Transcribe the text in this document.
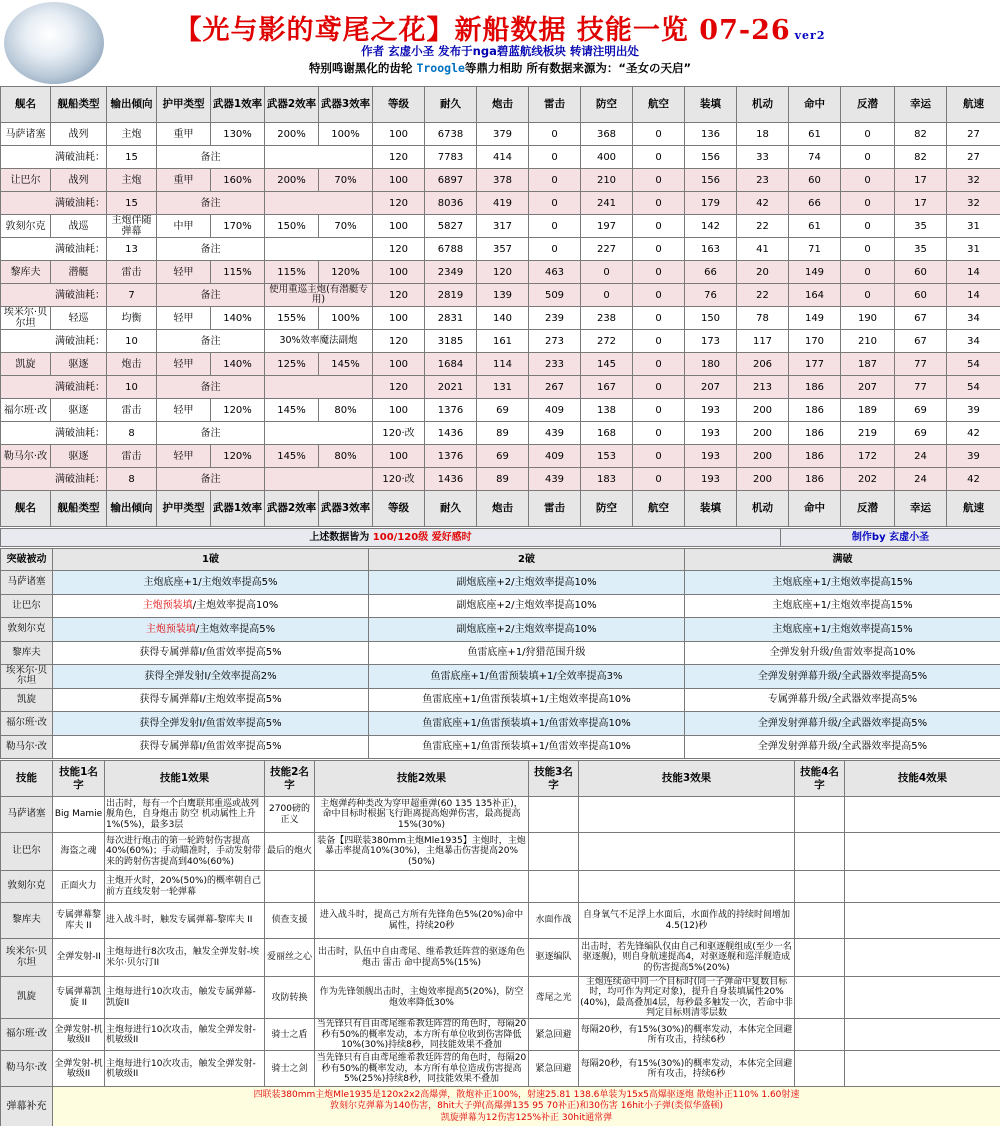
【光与影的鸢尾之花】新船数据 技能一览 07-26 ver2
作者 玄虚小圣 发布于nga碧蓝航线板块 转请注明出处
特别鸣谢黑化的齿轮 Troogle等鼎力相助 所有数据来源为：“圣女の天启”
舰名	舰船类型	输出倾向	护甲类型	武器1效率	武器2效率	武器3效率	等级	耐久	炮击	雷击	防空	航空	装填	机动	命中	反潜	幸运	航速
马萨诸塞	战列	主炮	重甲	130%	200%	100%	100	6738	379	0	368	0	136	18	61	0	82	27
满破油耗：		15	备注				120	7783	414	0	400	0	156	33	74	0	82	27
让巴尔	战列	主炮	重甲	160%	200%	70%	100	6897	378	0	210	0	156	23	60	0	17	32
满破油耗：		15	备注				120	8036	419	0	241	0	179	42	66	0	17	32
敦刻尔克	战巡	主炮伴随弹幕	中甲	170%	150%	70%	100	5827	317	0	197	0	142	22	61	0	35	31
满破油耗：		13	备注				120	6788	357	0	227	0	163	41	71	0	35	31
黎库夫	潜艇	雷击	轻甲	115%	115%	120%	100	2349	120	463	0	0	66	20	149	0	60	14
满破油耗：		7	备注		使用重巡主炮(有潜艇专用)		120	2819	139	509	0	0	76	22	164	0	60	14
埃米尔·贝尔坦	轻巡	均衡	轻甲	140%	155%	100%	100	2831	140	239	238	0	150	78	149	190	67	34
满破油耗：		10	备注		30%效率魔法副炮		120	3185	161	273	272	0	173	117	170	210	67	34
凯旋	驱逐	炮击	轻甲	140%	125%	145%	100	1684	114	233	145	0	180	206	177	187	77	54
满破油耗：		10	备注				120	2021	131	267	167	0	207	213	186	207	77	54
福尔班·改	驱逐	雷击	轻甲	120%	145%	80%	100	1376	69	409	138	0	193	200	186	189	69	39
满破油耗：		8	备注				120·改	1436	89	439	168	0	193	200	186	219	69	42
勒马尔·改	驱逐	雷击	轻甲	120%	145%	80%	100	1376	69	409	153	0	193	200	186	172	24	39
满破油耗：		8	备注				120·改	1436	89	439	183	0	193	200	186	202	24	42
舰名	舰船类型	输出倾向	护甲类型	武器1效率	武器2效率	武器3效率	等级	耐久	炮击	雷击	防空	航空	装填	机动	命中	反潜	幸运	航速
上述数据皆为 100/120级 爱好感时	制作by 玄虚小圣
突破被动	1破	2破	满破
马萨诸塞	主炮底座+1/主炮效率提高5%	副炮底座+2/主炮效率提高10%	主炮底座+1/主炮效率提高15%
让巴尔	主炮预装填/主炮效率提高10%	副炮底座+2/主炮效率提高10%	主炮底座+1/主炮效率提高15%
敦刻尔克	主炮预装填/主炮效率提高5%	副炮底座+2/主炮效率提高10%	主炮底座+1/主炮效率提高15%
黎库夫	获得专属弹幕I/鱼雷效率提高5%	鱼雷底座+1/狩猎范围升级	全弹发射升级/鱼雷效率提高10%
埃米尔·贝尔坦	获得全弹发射I/全效率提高2%	鱼雷底座+1/鱼雷预装填+1/全效率提高3%	全弹发射弹幕升级/全武器效率提高5%
凯旋	获得专属弹幕I/主炮效率提高5%	鱼雷底座+1/鱼雷预装填+1/主炮效率提高10%	专属弹幕升级/全武器效率提高5%
福尔班·改	获得全弹发射I/鱼雷效率提高5%	鱼雷底座+1/鱼雷预装填+1/鱼雷效率提高10%	全弹发射弹幕升级/全武器效率提高5%
勒马尔·改	获得专属弹幕I/鱼雷效率提高5%	鱼雷底座+1/鱼雷预装填+1/鱼雷效率提高10%	全弹发射弹幕升级/全武器效率提高5%
技能	技能1名字	技能1效果	技能2名字	技能2效果	技能3名字	技能3效果	技能4名字	技能4效果
马萨诸塞	Big Mamie	出击时，每有一个白鹰联邦重巡或战列舰角色，自身炮击 防空 机动属性上升1%(5%)，最多3层	2700磅的正义	主炮弹药种类改为穿甲超重弹(60 135 135补正)，命中目标时根据飞行距离提高炮弹伤害，最高提高15%(30%)				
让巴尔	海盗之魂	每次进行炮击的第一轮跨射伤害提高40%(60%)；手动瞄准时，手动发射带来的跨射伤害提高到40%(60%)	最后的炮火	装备【四联装380mm主炮Mle1935】主炮时，主炮暴击率提高10%(30%)，主炮暴击伤害提高20%(50%)				
敦刻尔克	正面火力	主炮开火时，20%(50%)的概率朝自己前方直线发射一轮弹幕						
黎库夫	专属弹幕黎库夫 II	进入战斗时，触发专属弹幕-黎库夫 II	侦查支援	进入战斗时，提高己方所有先锋角色5%(20%)命中属性，持续20秒	水面作战	自身氧气不足浮上水面后，水面作战的持续时间增加4.5(12)秒		
埃米尔·贝尔坦	全弹发射-II	主炮每进行8次攻击，触发全弹发射-埃米尔·贝尔汀II	爱丽丝之心	出击时，队伍中自由鸢尾、维希教廷阵营的驱逐角色炮击 雷击 命中提高5%(15%)	驱逐编队	出击时，若先锋编队仅由自己和驱逐舰组成(至少一名驱逐舰)，则自身航速提高4，对驱逐舰和巡洋舰造成的伤害提高5%(20%)		
凯旋	专属弹幕凯旋 II	主炮每进行10次攻击，触发专属弹幕-凯旋II	攻防转换	作为先锋领舰出击时，主炮效率提高5(20%)，防空炮效率降低30%	鸢尾之光	主炮连续命中同一个目标时(同一子弹命中复数目标时，均可作为判定对象)，提升自身装填属性20%(40%)，最高叠加4层，每秒最多触发一次，若命中非判定目标则清零层数		
福尔班·改	全弹发射-机敏级II	主炮每进行10次攻击，触发全弹发射-机敏级II	骑士之盾	当先锋只有自由鸢尾维希教廷阵营的角色时，每隔20秒有50%的概率发动，本方所有单位收到伤害降低10%(30%)持续8秒，同技能效果不叠加	紧急回避	每隔20秒，有15%(30%)的概率发动，本体完全回避所有攻击，持续6秒		
勒马尔·改	全弹发射-机敏级II	主炮每进行10次攻击，触发全弹发射-机敏级II	骑士之剑	当先锋只有自由鸢尾维希教廷阵营的角色时，每隔20秒有50%的概率发动，本方所有单位造成伤害提高5%(25%)持续8秒，同技能效果不叠加	紧急回避	每隔20秒，有15%(30%)的概率发动，本体完全回避所有攻击，持续6秒		
弹幕补充	四联装380mm主炮Mle1935是120x2x2高爆弹，散炮补正100%，射速25.81 138.6单装为15x5高爆驱逐炮 散炮补正110% 1.60射速
敦刻尔克弹幕为140伤害，8hit大子弹(高爆弹135 95 70补正)和30伤害 16hit小子弹(类似华盛顿)
凯旋弹幕为12伤害125%补正 30hit通常弹							
